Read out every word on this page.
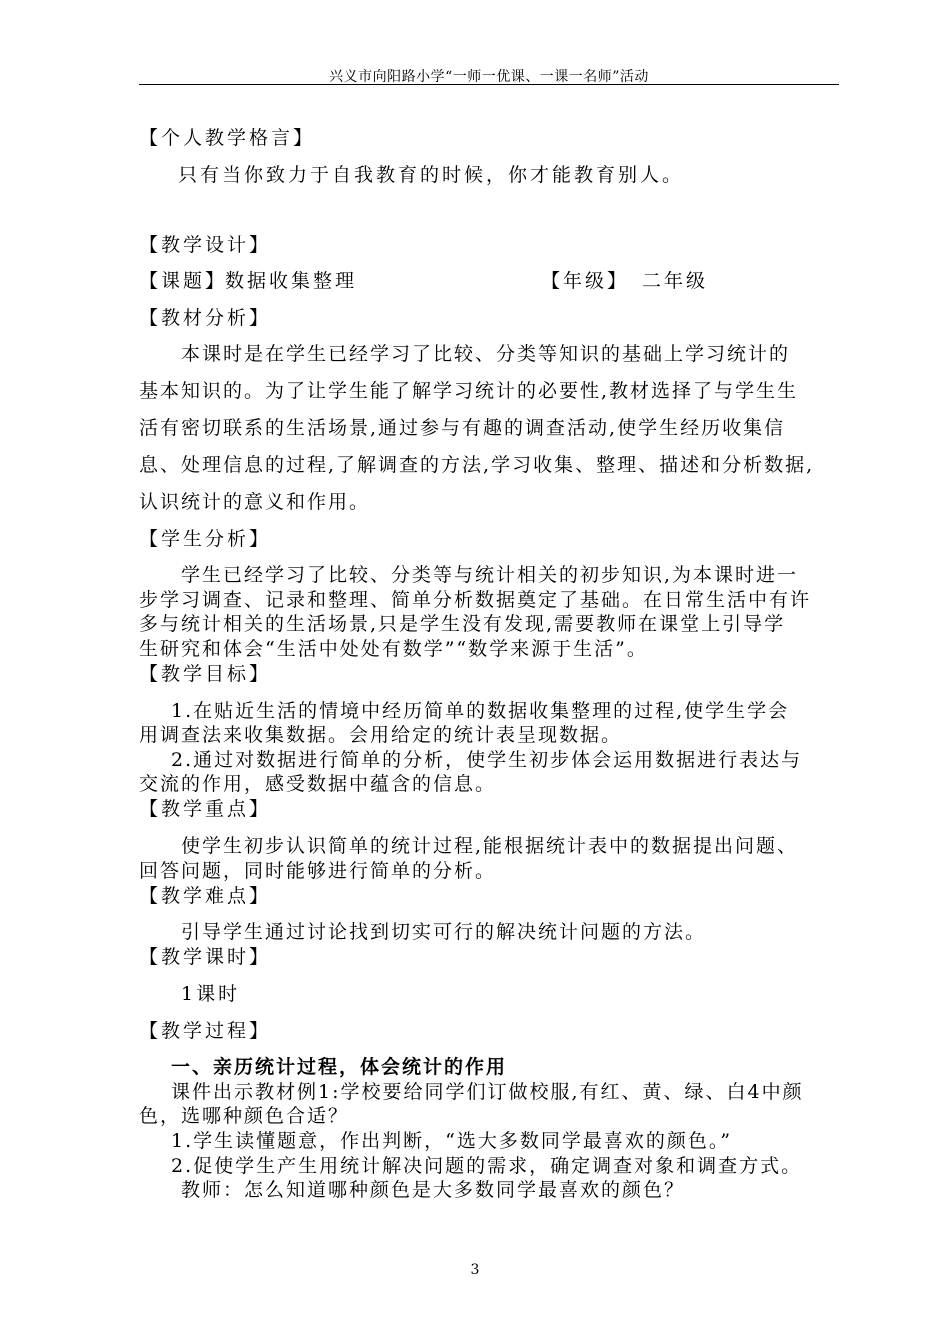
兴义市向阳路小学“一师一优课、一课一名师”活动
【个人教学格言】
只有当你致力于自我教育的时候，你才能教育别人。
【教学设计】
【课题】
数据收集整理	【年级】 二年级
【教材分析】
本课时是在学生已经学习了比较、分类等知识的基础上学习统计的
基本知识的。为了让学生能了解学习统计的必要性,教材选择了与学生生
活有密切联系的生活场景,通过参与有趣的调查活动,使学生经历收集信
息、处理信息的过程,了解调查的方法,学习收集、整理、描述和分析数据,
认识统计的意义和作用。
【学生分析】
学生已经学习了比较、分类等与统计相关的初步知识,为本课时进一
步学习调查、记录和整理、简单分析数据奠定了基础。在日常生活中有许
多与统计相关的生活场景,只是学生没有发现,需要教师在课堂上引导学
生研究和体会“生活中处处有数学”“数学来源于生活”。
【教学目标】
1.在贴近生活的情境中经历简单的数据收集整理的过程,使学生学会
用调查法来收集数据。会用给定的统计表呈现数据。
2.通过对数据进行简单的分析，使学生初步体会运用数据进行表达与
交流的作用，感受数据中蕴含的信息。
【教学重点】
使学生初步认识简单的统计过程,能根据统计表中的数据提出问题、
回答问题，同时能够进行简单的分析。
【教学难点】
引导学生通过讨论找到切实可行的解决统计问题的方法。
【教学课时】
1课时
【教学过程】
一、亲历统计过程，体会统计的作用
课件出示教材例1:学校要给同学们订做校服,有红、黄、绿、白4中颜
色，选哪种颜色合适？
1.学生读懂题意，作出判断，“选大多数同学最喜欢的颜色。”
2.促使学生产生用统计解决问题的需求，确定调查对象和调查方式。
教师：怎么知道哪种颜色是大多数同学最喜欢的颜色？
3
